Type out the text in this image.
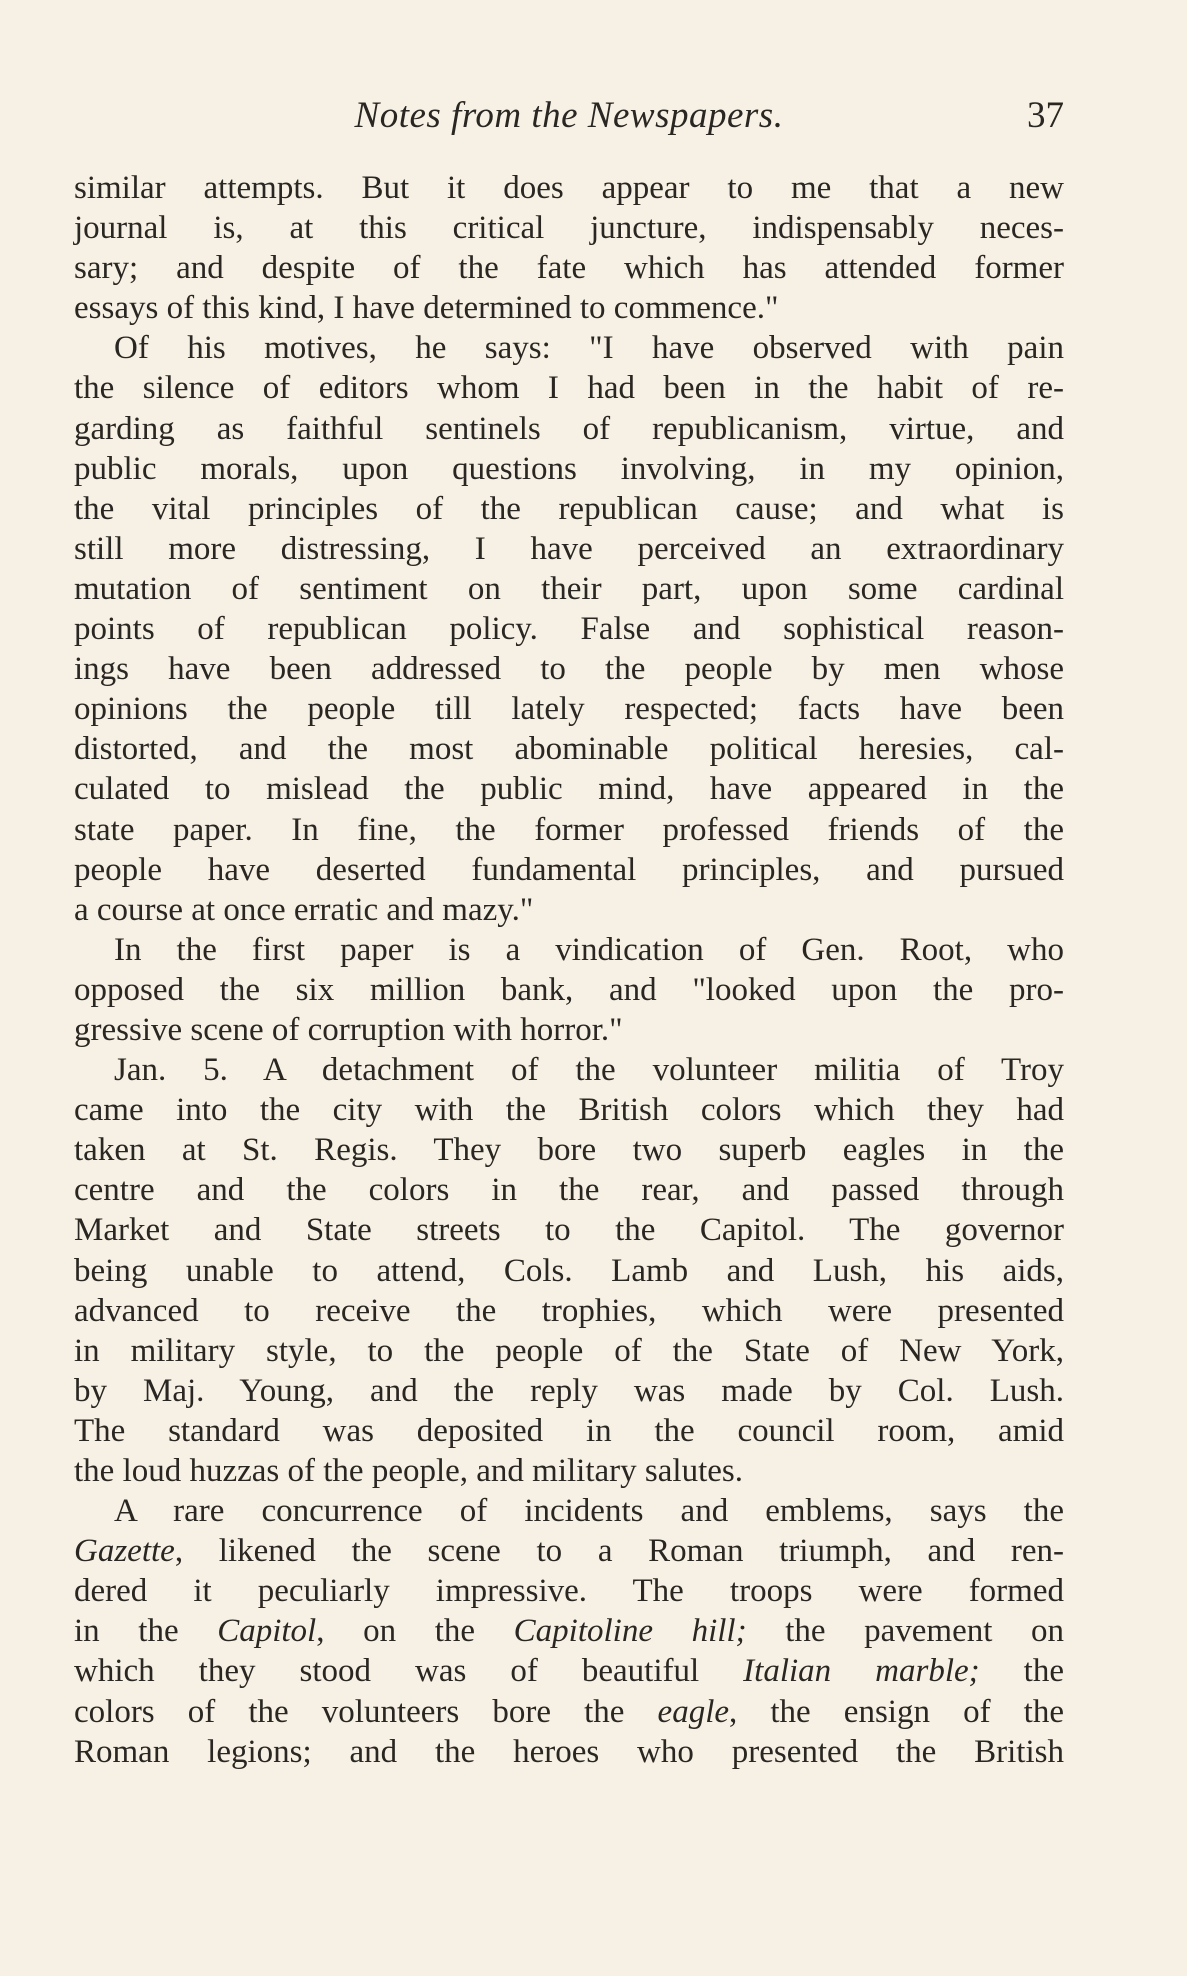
Notes from the Newspapers.	37
similar attempts. But it does appear to me that a new
journal is, at this critical juncture, indispensably neces-
sary; and despite of the fate which has attended former
essays of this kind, I have determined to commence."
Of his motives, he says: "I have observed with pain
the silence of editors whom I had been in the habit of re-
garding as faithful sentinels of republicanism, virtue, and
public morals, upon questions involving, in my opinion,
the vital principles of the republican cause; and what is
still more distressing, I have perceived an extraordinary
mutation of sentiment on their part, upon some cardinal
points of republican policy. False and sophistical reason-
ings have been addressed to the people by men whose
opinions the people till lately respected; facts have been
distorted, and the most abominable political heresies, cal-
culated to mislead the public mind, have appeared in the
state paper. In fine, the former professed friends of the
people have deserted fundamental principles, and pursued
a course at once erratic and mazy."
In the first paper is a vindication of Gen. Root, who
opposed the six million bank, and "looked upon the pro-
gressive scene of corruption with horror."
Jan. 5. A detachment of the volunteer militia of Troy
came into the city with the British colors which they had
taken at St. Regis. They bore two superb eagles in the
centre and the colors in the rear, and passed through
Market and State streets to the Capitol. The governor
being unable to attend, Cols. Lamb and Lush, his aids,
advanced to receive the trophies, which were presented
in military style, to the people of the State of New York,
by Maj. Young, and the reply was made by Col. Lush.
The standard was deposited in the council room, amid
the loud huzzas of the people, and military salutes.
A rare concurrence of incidents and emblems, says the
Gazette, likened the scene to a Roman triumph, and ren-
dered it peculiarly impressive. The troops were formed
in the Capitol, on the Capitoline hill; the pavement on
which they stood was of beautiful Italian marble; the
colors of the volunteers bore the eagle, the ensign of the
Roman legions; and the heroes who presented the British
